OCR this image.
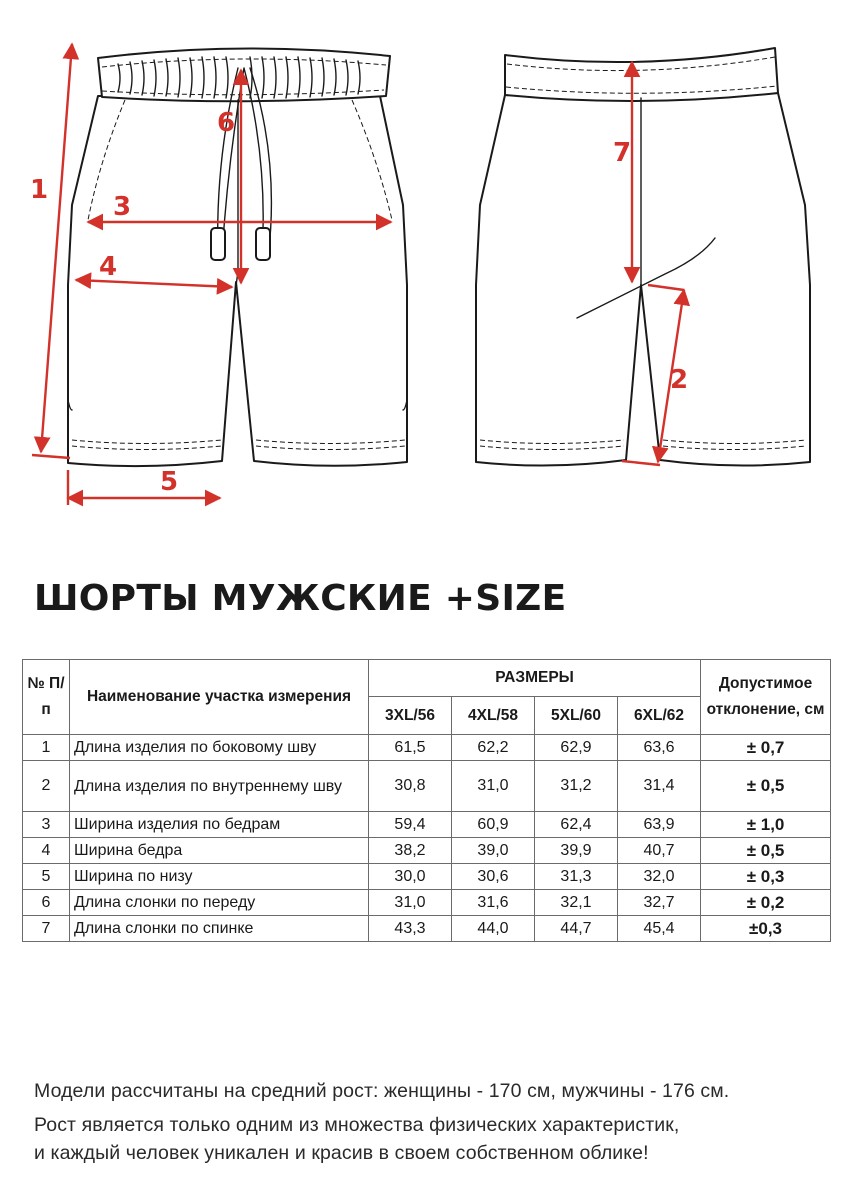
1
2
3
4
5
6
7
ШОРТЫ МУЖСКИЕ +SIZE
№ П/п	Наименование участка измерения	РАЗМЕРЫ				Допустимое отклонение, см
		3XL/56	4XL/58	5XL/60	6XL/62	
1	Длина изделия по боковому шву	61,5	62,2	62,9	63,6	± 0,7
2	Длина изделия по внутреннему шву	30,8	31,0	31,2	31,4	± 0,5
3	Ширина изделия по бедрам	59,4	60,9	62,4	63,9	± 1,0
4	Ширина бедра	38,2	39,0	39,9	40,7	± 0,5
5	Ширина по низу	30,0	30,6	31,3	32,0	± 0,3
6	Длина слонки по переду	31,0	31,6	32,1	32,7	± 0,2
7	Длина слонки по спинке	43,3	44,0	44,7	45,4	±0,3
Модели рассчитаны на средний рост: женщины - 170 см, мужчины - 176 см.
Рост является только одним из множества физических характеристик,
и каждый человек уникален и красив в своем собственном облике!
